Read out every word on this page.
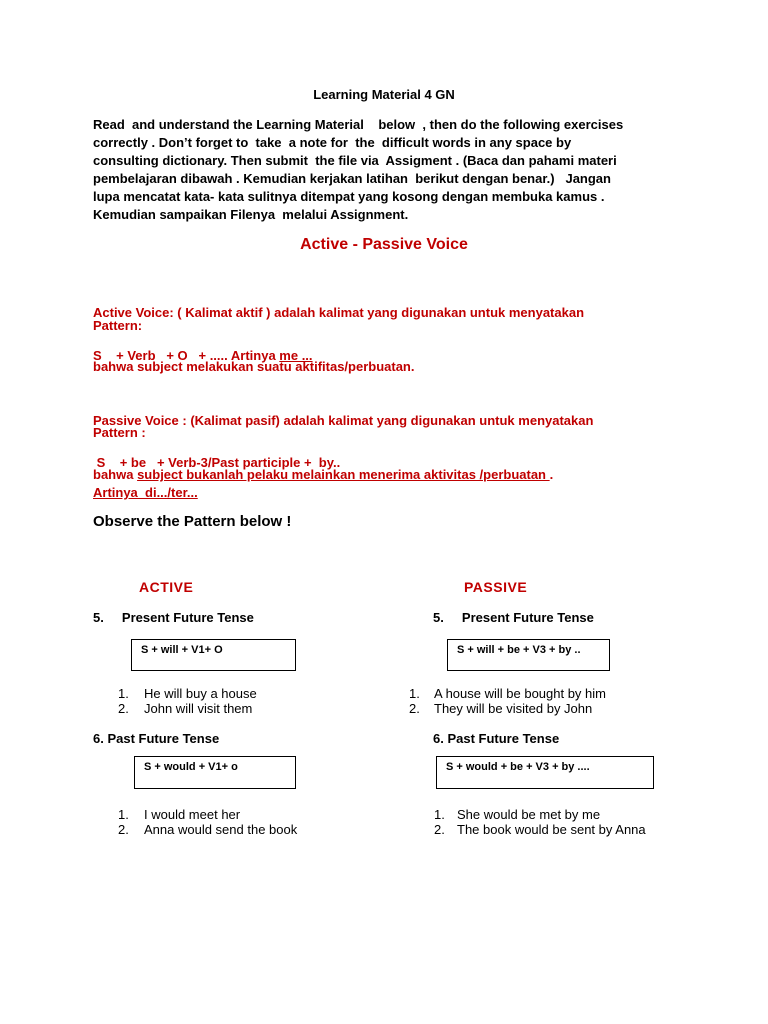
Learning Material 4 GN
Read  and understand the Learning Material    below  , then do the following exercises
correctly . Don’t forget to  take  a note for  the  difficult words in any space by
consulting dictionary. Then submit  the file via  Assigment . (Baca dan pahami materi
pembelajaran dibawah . Kemudian kerjakan latihan  berikut dengan benar.)   Jangan
lupa mencatat kata- kata sulitnya ditempat yang kosong dengan membuka kamus .
Kemudian sampaikan Filenya  melalui Assignment.
Active - Passive Voice

Active Voice: ( Kalimat aktif ) adalah kalimat yang digunakan untuk menyatakan

bahwa subject melakukan suatu aktifitas/perbuatan.

Pattern:
S    + Verb   + O   + ..... Artinya me ...

Passive Voice : (Kalimat pasif) adalah kalimat yang digunakan untuk menyatakan

bahwa subject bukanlah pelaku melainkan menerima aktivitas /perbuatan .

Pattern :
S    + be   + Verb-3/Past participle +  by..
Artinya  di.../ter...
Observe the Pattern below !
ACTIVE	PASSIVE
5.     Present Future Tense
S + will + V1+ O
1.	He will buy a house
2.	John will visit them
5.     Present Future Tense
S + will + be + V3 + by ..
1.	A house will be bought by him
2.	They will be visited by John
6. Past Future Tense
S + would + V1+ o
1.	I would meet her
2.	Anna would send the book
6. Past Future Tense
S + would + be + V3 + by ....
1. She would be met by me
2. The book would be sent by Anna
